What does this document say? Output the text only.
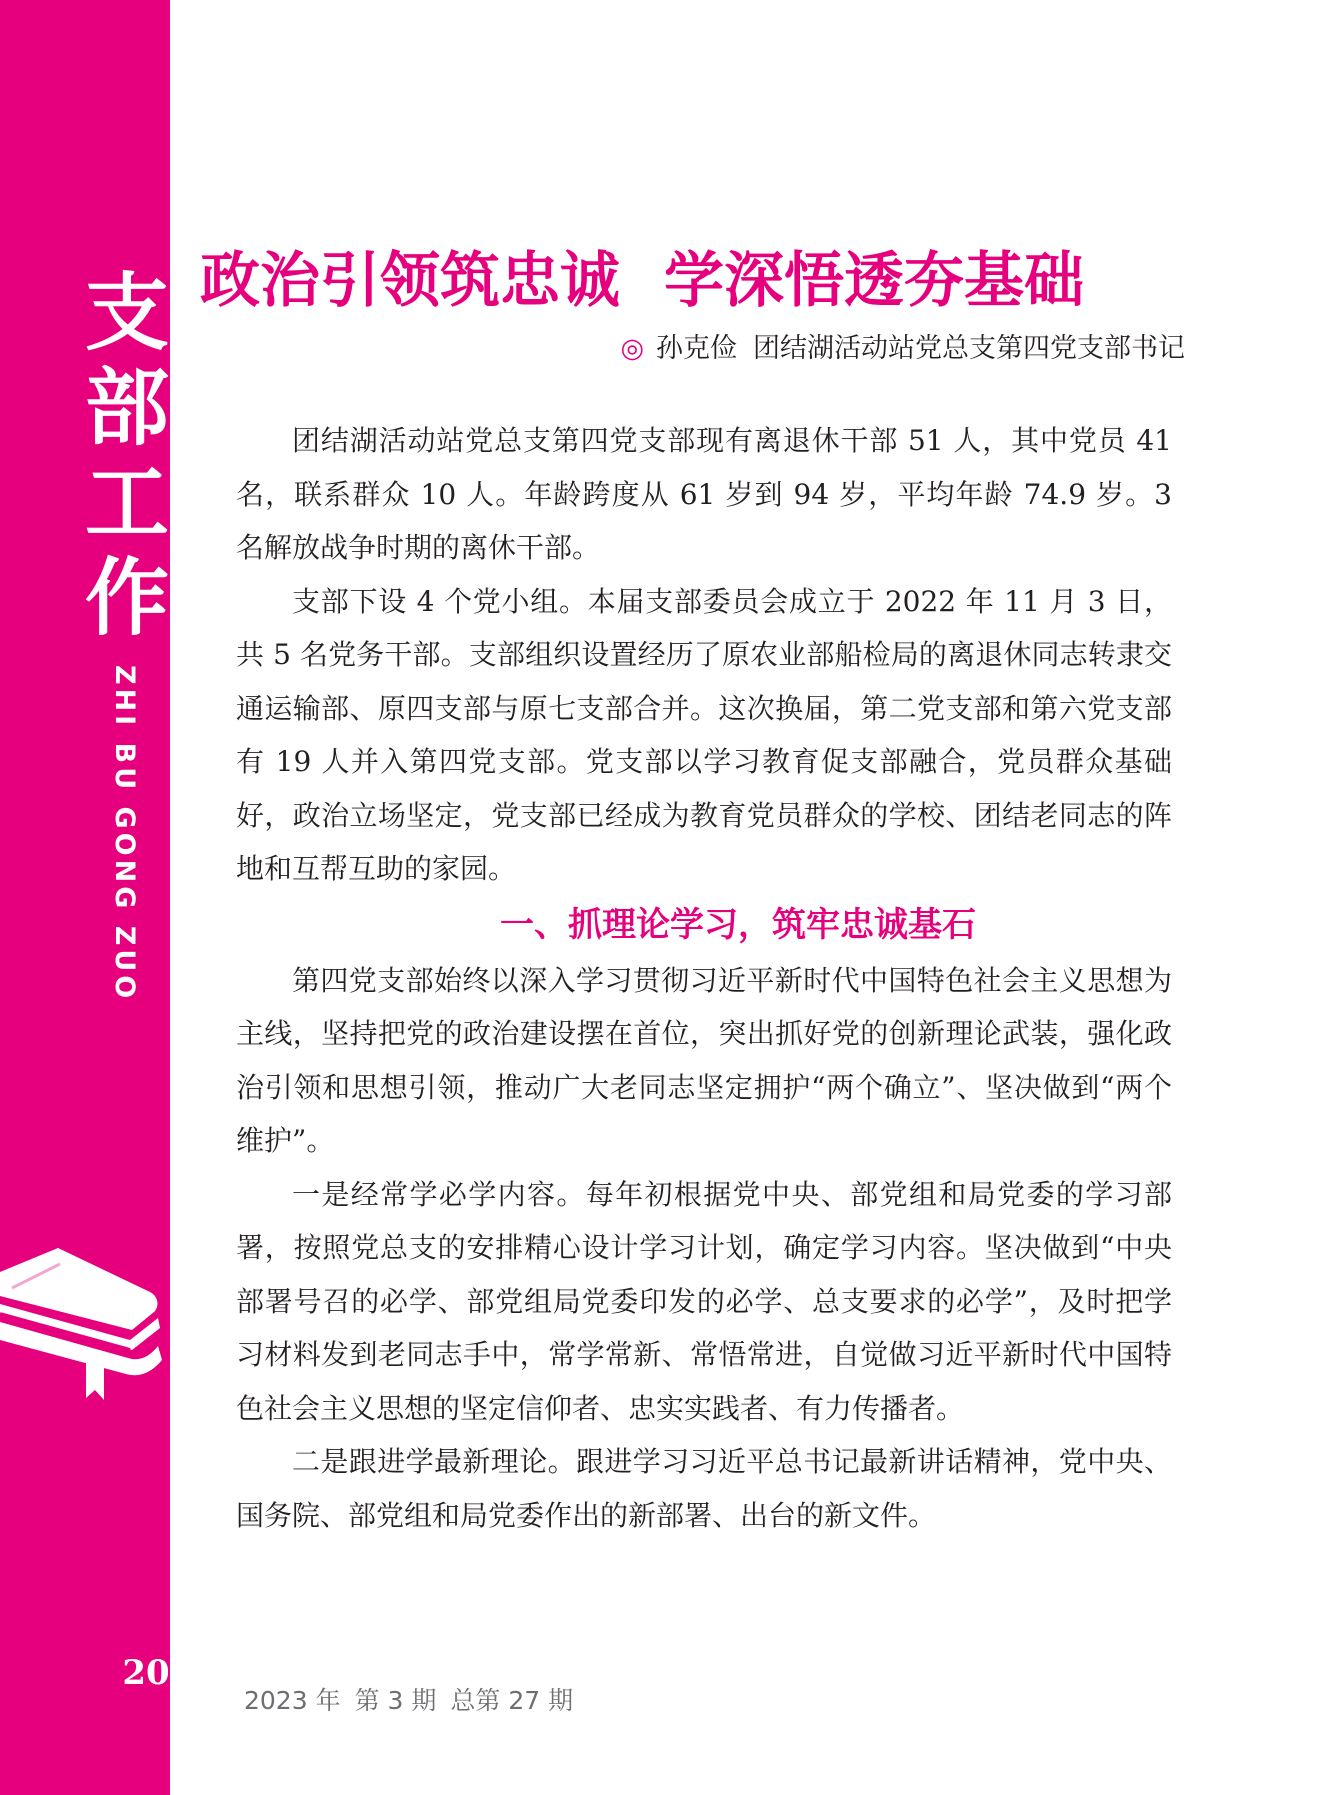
支
部
工
作
ZHI BU GONG ZUO
20
政治引领筑忠诚 学深悟透夯基础
◎ 孙克俭 团结湖活动站党总支第四党支部书记

团结湖活动站党总支第四党支部现有离退休干部 51 人，其中党员 41 名，联系群众 10 人。年龄跨度从 61 岁到 94 岁，平均年龄 74.9 岁。3 名解放战争时期的离休干部。

支部下设 4 个党小组。本届支部委员会成立于 2022 年 11 月 3 日，共 5 名党务干部。支部组织设置经历了原农业部船检局的离退休同志转隶交通运输部、原四支部与原七支部合并。这次换届，第二党支部和第六党支部有 19 人并入第四党支部。党支部以学习教育促支部融合，党员群众基础好，政治立场坚定，党支部已经成为教育党员群众的学校、团结老同志的阵地和互帮互助的家园。

一、抓理论学习，筑牢忠诚基石

第四党支部始终以深入学习贯彻习近平新时代中国特色社会主义思想为主线，坚持把党的政治建设摆在首位，突出抓好党的创新理论武装，强化政治引领和思想引领，推动广大老同志坚定拥护“两个确立”、坚决做到“两个维护”。

一是经常学必学内容。每年初根据党中央、部党组和局党委的学习部署，按照党总支的安排精心设计学习计划，确定学习内容。坚决做到“中央部署号召的必学、部党组局党委印发的必学、总支要求的必学”，及时把学习材料发到老同志手中，常学常新、常悟常进，自觉做习近平新时代中国特色社会主义思想的坚定信仰者、忠实实践者、有力传播者。

二是跟进学最新理论。跟进学习习近平总书记最新讲话精神，党中央、国务院、部党组和局党委作出的新部署、出台的新文件。

2023 年 第 3 期 总第 27 期
